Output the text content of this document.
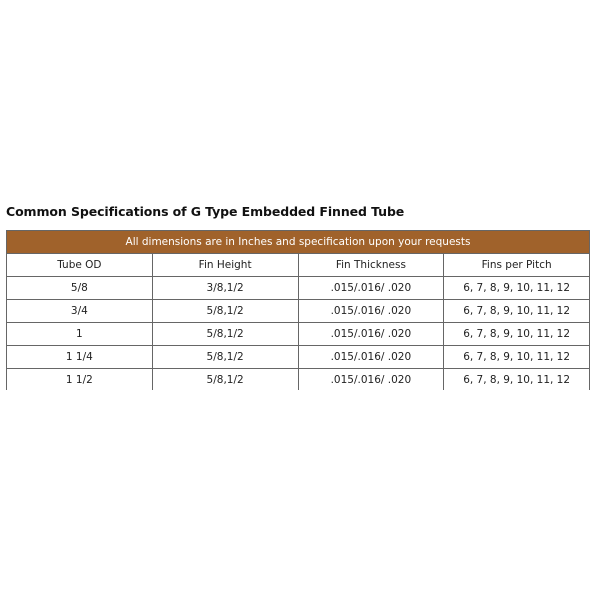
Common Specifications of G Type Embedded Finned Tube
All dimensions are in Inches and specification upon your requests			
Tube OD	Fin Height	Fin Thickness	Fins per Pitch
5/8	3/8,1/2	.015/.016/ .020	6, 7, 8, 9, 10, 11, 12
3/4	5/8,1/2	.015/.016/ .020	6, 7, 8, 9, 10, 11, 12
1	5/8,1/2	.015/.016/ .020	6, 7, 8, 9, 10, 11, 12
1 1/4	5/8,1/2	.015/.016/ .020	6, 7, 8, 9, 10, 11, 12
1 1/2	5/8,1/2	.015/.016/ .020	6, 7, 8, 9, 10, 11, 12
